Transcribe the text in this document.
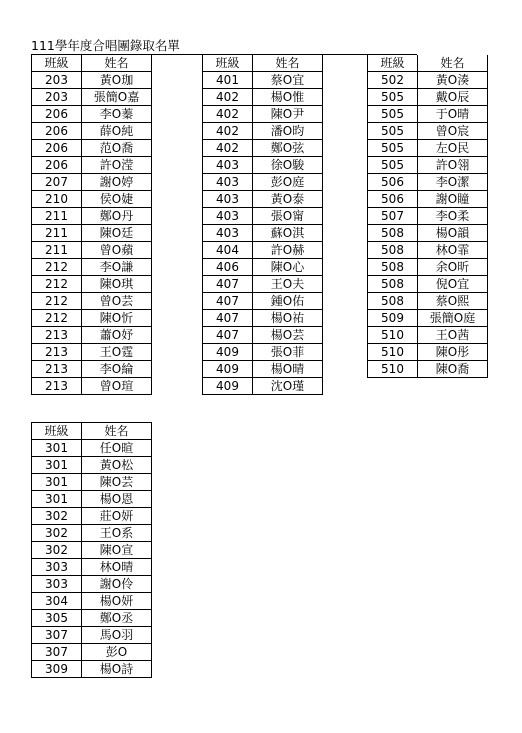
111學年度合唱團錄取名單
班級	姓名
203	黃O珈
203	張簡O嘉
206	李O蓁
206	薛O純
206	范O喬
206	許O滢
207	謝O婷
210	侯O婕
211	鄭O丹
211	陳O廷
211	曾O蘋
212	李O謙
212	陳O琪
212	曾O芸
212	陳O忻
213	蕭O妤
213	王O霆
213	李O綸
213	曾O瑄
班級	姓名
401	蔡O宜
402	楊O惟
402	陳O尹
402	潘O昀
402	鄭O弦
403	徐O駿
403	彭O庭
403	黃O泰
403	張O甯
403	蘇O淇
404	許O赫
406	陳O心
407	王O夫
407	鍾O佑
407	楊O祐
407	楊O芸
409	張O菲
409	楊O晴
409	沈O瑾
班級	姓名
502	黃O湊
505	戴O辰
505	于O晴
505	曾O宸
505	左O民
505	許O翎
506	李O潔
506	謝O瞳
507	李O柔
508	楊O韻
508	林O霏
508	余O昕
508	倪O宜
508	蔡O熙
509	張簡O庭
510	王O茜
510	陳O彤
510	陳O喬
班級	姓名
301	任O暄
301	黃O松
301	陳O芸
301	楊O恩
302	莊O妍
302	王O系
302	陳O宣
303	林O晴
303	謝O伶
304	楊O妍
305	鄭O丞
307	馬O羽
307	彭O
309	楊O詩
